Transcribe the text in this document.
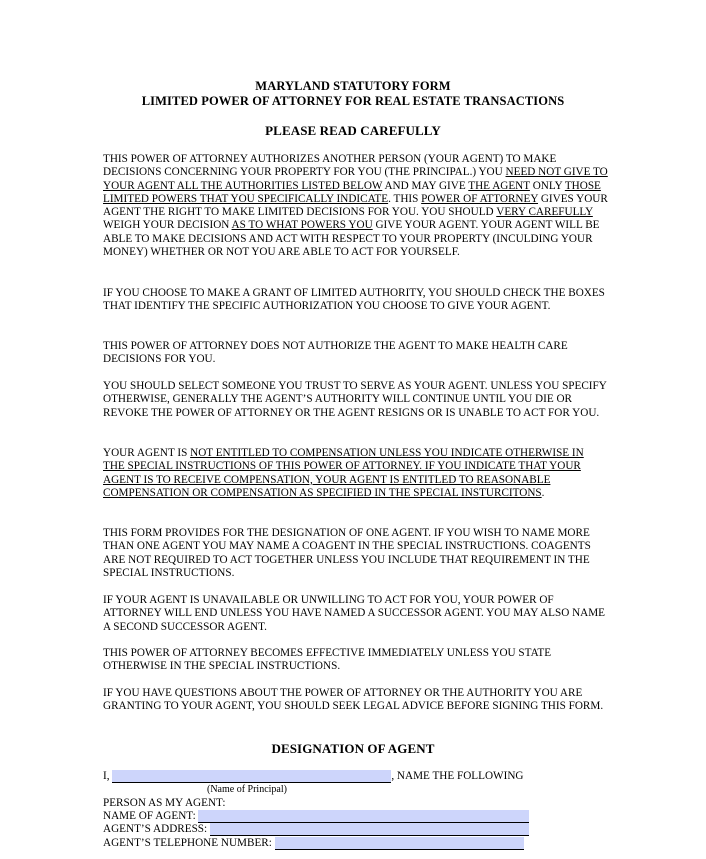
MARYLAND STATUTORY FORM
LIMITED POWER OF ATTORNEY FOR REAL ESTATE TRANSACTIONS
PLEASE READ CAREFULLY

THIS POWER OF ATTORNEY AUTHORIZES ANOTHER PERSON (YOUR AGENT) TO MAKE DECISIONS CONCERNING YOUR PROPERTY FOR YOU (THE PRINCIPAL.) YOU NEED NOT GIVE TO YOUR AGENT ALL THE AUTHORITIES LISTED BELOW AND MAY GIVE THE AGENT ONLY THOSE LIMITED POWERS THAT YOU SPECIFICALLY INDICATE. THIS POWER OF ATTORNEY GIVES YOUR AGENT THE RIGHT TO MAKE LIMITED DECISIONS FOR YOU. YOU SHOULD VERY CAREFULLY WEIGH YOUR DECISION AS TO WHAT POWERS YOU GIVE YOUR AGENT. YOUR AGENT WILL BE ABLE TO MAKE DECISIONS AND ACT WITH RESPECT TO YOUR PROPERTY (INCULDING YOUR MONEY) WHETHER OR NOT YOU ARE ABLE TO ACT FOR YOURSELF.

IF YOU CHOOSE TO MAKE A GRANT OF LIMITED AUTHORITY, YOU SHOULD CHECK THE BOXES THAT IDENTIFY THE SPECIFIC AUTHORIZATION YOU CHOOSE TO GIVE YOUR AGENT.

THIS POWER OF ATTORNEY DOES NOT AUTHORIZE THE AGENT TO MAKE HEALTH CARE DECISIONS FOR YOU.

YOU SHOULD SELECT SOMEONE YOU TRUST TO SERVE AS YOUR AGENT. UNLESS YOU SPECIFY OTHERWISE, GENERALLY THE AGENT’S AUTHORITY WILL CONTINUE UNTIL YOU DIE OR REVOKE THE POWER OF ATTORNEY OR THE AGENT RESIGNS OR IS UNABLE TO ACT FOR YOU.

YOUR AGENT IS NOT ENTITLED TO COMPENSATION UNLESS YOU INDICATE OTHERWISE IN THE SPECIAL INSTRUCTIONS OF THIS POWER OF ATTORNEY. IF YOU INDICATE THAT YOUR AGENT IS TO RECEIVE COMPENSATION, YOUR AGENT IS ENTITLED TO REASONABLE COMPENSATION OR COMPENSATION AS SPECIFIED IN THE SPECIAL INSTURCITONS.

THIS FORM PROVIDES FOR THE DESIGNATION OF ONE AGENT. IF YOU WISH TO NAME MORE THAN ONE AGENT YOU MAY NAME A COAGENT IN THE SPECIAL INSTRUCTIONS. COAGENTS ARE NOT REQUIRED TO ACT TOGETHER UNLESS YOU INCLUDE THAT REQUIREMENT IN THE SPECIAL INSTRUCTIONS.

IF YOUR AGENT IS UNAVAILABLE OR UNWILLING TO ACT FOR YOU, YOUR POWER OF ATTORNEY WILL END UNLESS YOU HAVE NAMED A SUCCESSOR AGENT. YOU MAY ALSO NAME A SECOND SUCCESSOR AGENT.

THIS POWER OF ATTORNEY BECOMES EFFECTIVE IMMEDIATELY UNLESS YOU STATE OTHERWISE IN THE SPECIAL INSTRUCTIONS.

IF YOU HAVE QUESTIONS ABOUT THE POWER OF ATTORNEY OR THE AUTHORITY YOU ARE GRANTING TO YOUR AGENT, YOU SHOULD SEEK LEGAL ADVICE BEFORE SIGNING THIS FORM.

DESIGNATION OF AGENT
I,	, NAME THE FOLLOWING
(Name of Principal)
PERSON AS MY AGENT:
NAME OF AGENT:
AGENT’S ADDRESS:
AGENT’S TELEPHONE NUMBER:
